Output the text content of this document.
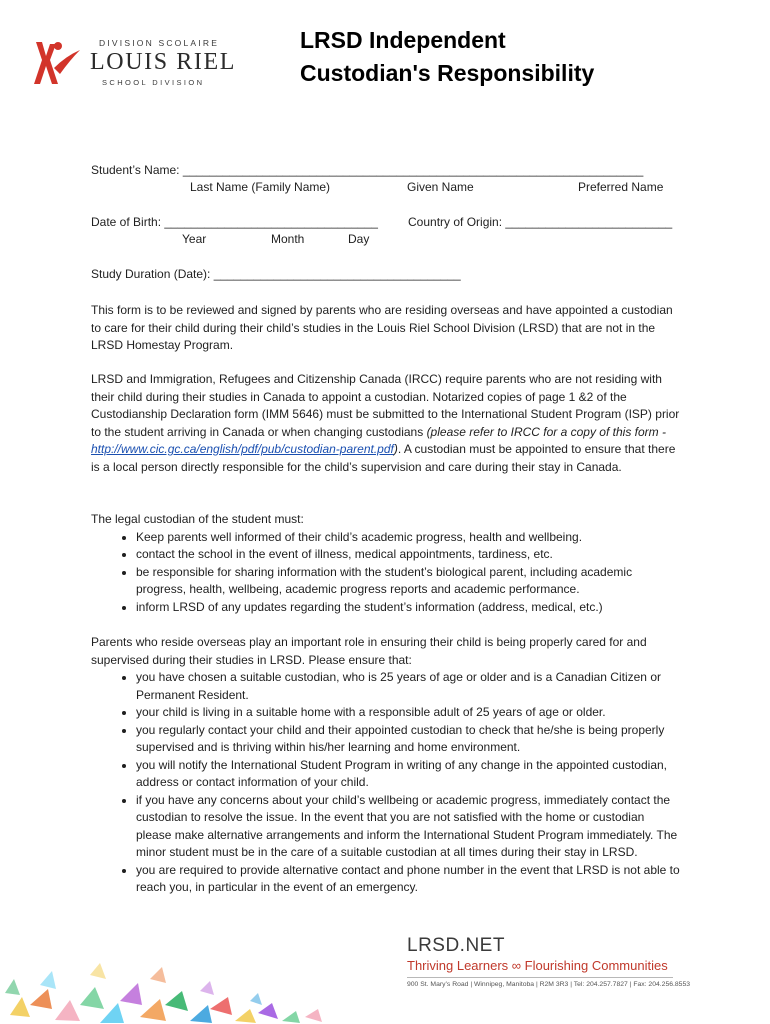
DIVISION SCOLAIRE
LOUIS RIEL
SCHOOL DIVISION
LRSD Independent
Custodian's Responsibility
Student’s Name: _____________________________________________________________________
Last Name (Family Name)	Given Name	Preferred Name
Date of Birth: ________________________________	Country of Origin: _________________________
Year	Month	Day
Study Duration (Date): _____________________________________

This form is to be reviewed and signed by parents who are residing overseas and have appointed a custodian to care for their child during their child’s studies in the Louis Riel School Division (LRSD) that are not in the LRSD Homestay Program.

LRSD and Immigration, Refugees and Citizenship Canada (IRCC) require parents who are not residing with their child during their studies in Canada to appoint a custodian. Notarized copies of page 1 &2 of the Custodianship Declaration form (IMM 5646) must be submitted to the International Student Program (ISP) prior to the student arriving in Canada or when changing custodians (please refer to IRCC for a copy of this form - http://www.cic.gc.ca/english/pdf/pub/custodian-parent.pdf). A custodian must be appointed to ensure that there is a local person directly responsible for the child’s supervision and care during their stay in Canada.

The legal custodian of the student must:

• Keep parents well informed of their child’s academic progress, health and wellbeing.
• contact the school in the event of illness, medical appointments, tardiness, etc.
• be responsible for sharing information with the student’s biological parent, including academic progress, health, wellbeing, academic progress reports and academic performance.
• inform LRSD of any updates regarding the student’s information (address, medical, etc.)

Parents who reside overseas play an important role in ensuring their child is being properly cared for and supervised during their studies in LRSD. Please ensure that:

• you have chosen a suitable custodian, who is 25 years of age or older and is a Canadian Citizen or Permanent Resident.
• your child is living in a suitable home with a responsible adult of 25 years of age or older.
• you regularly contact your child and their appointed custodian to check that he/she is being properly supervised and is thriving within his/her learning and home environment.
• you will notify the International Student Program in writing of any change in the appointed custodian, address or contact information of your child.
• if you have any concerns about your child’s wellbeing or academic progress, immediately contact the custodian to resolve the issue. In the event that you are not satisfied with the home or custodian please make alternative arrangements and inform the International Student Program immediately. The minor student must be in the care of a suitable custodian at all times during their stay in LRSD.
• you are required to provide alternative contact and phone number in the event that LRSD is not able to reach you, in particular in the event of an emergency.
LRSD.NET
Thriving Learners ∞ Flourishing Communities
900 St. Mary’s Road | Winnipeg, Manitoba | R2M 3R3 | Tel: 204.257.7827 | Fax: 204.256.8553
